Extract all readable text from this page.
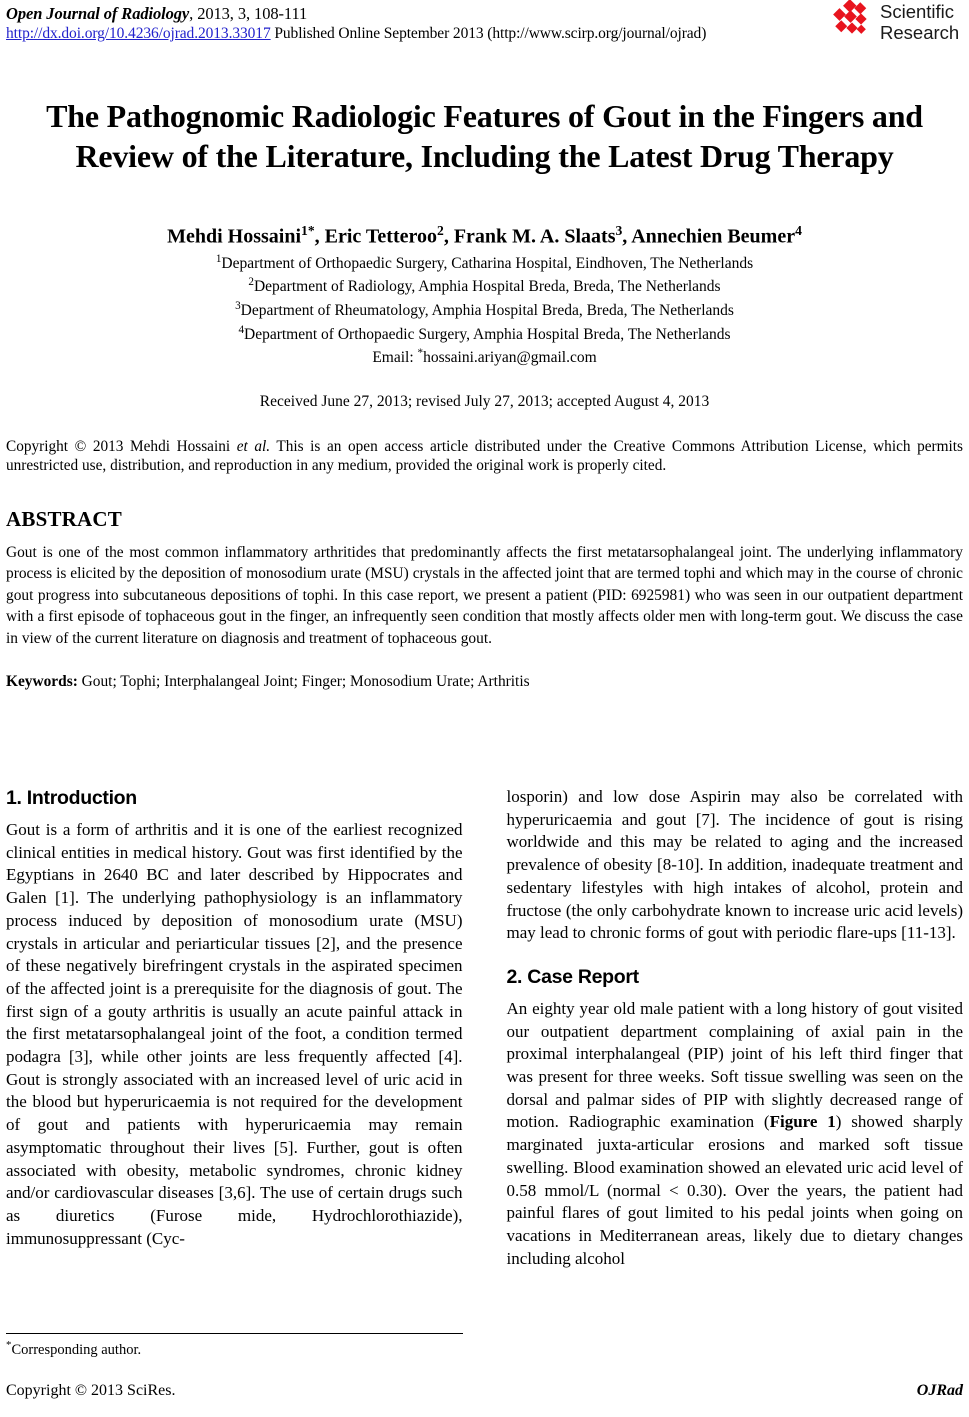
Open Journal of Radiology, 2013, 3, 108-111
http://dx.doi.org/10.4236/ojrad.2013.33017 Published Online September 2013 (http://www.scirp.org/journal/ojrad)
Scientific
Research
The Pathognomic Radiologic Features of Gout in the Fingers and Review of the Literature, Including the Latest Drug Therapy
Mehdi Hossaini$^{1*}$, Eric Tetteroo$^2$, Frank M. A. Slaats$^3$, Annechien Beumer$^4$
$^1$Department of Orthopaedic Surgery, Catharina Hospital, Eindhoven, The Netherlands
$^2$Department of Radiology, Amphia Hospital Breda, Breda, The Netherlands
$^3$Department of Rheumatology, Amphia Hospital Breda, Breda, The Netherlands
$^4$Department of Orthopaedic Surgery, Amphia Hospital Breda, The Netherlands
Email: *hossaini.ariyan@gmail.com
Received June 27, 2013; revised July 27, 2013; accepted August 4, 2013
Copyright © 2013 Mehdi Hossaini et al. This is an open access article distributed under the Creative Commons Attribution License, which permits unrestricted use, distribution, and reproduction in any medium, provided the original work is properly cited.
ABSTRACT
Gout is one of the most common inflammatory arthritides that predominantly affects the first metatarsophalangeal joint. The underlying inflammatory process is elicited by the deposition of monosodium urate (MSU) crystals in the affected joint that are termed tophi and which may in the course of chronic gout progress into subcutaneous depositions of tophi. In this case report, we present a patient (PID: 6925981) who was seen in our outpatient department with a first episode of tophaceous gout in the finger, an infrequently seen condition that mostly affects older men with long-term gout. We discuss the case in view of the current literature on diagnosis and treatment of tophaceous gout.
Keywords: Gout; Tophi; Interphalangeal Joint; Finger; Monosodium Urate; Arthritis
1. Introduction

Gout is a form of arthritis and it is one of the earliest recognized clinical entities in medical history. Gout was first identified by the Egyptians in 2640 BC and later described by Hippocrates and Galen [1]. The underlying pathophysiology is an inflammatory process induced by deposition of monosodium urate (MSU) crystals in articular and periarticular tissues [2], and the presence of these negatively birefringent crystals in the aspirated specimen of the affected joint is a prerequisite for the diagnosis of gout. The first sign of a gouty arthritis is usually an acute painful attack in the first metatarsophalangeal joint of the foot, a condition termed podagra [3], while other joints are less frequently affected [4]. Gout is strongly associated with an increased level of uric acid in the blood but hyperuricaemia is not required for the development of gout and patients with hyperuricaemia may remain asymptomatic throughout their lives [5]. Further, gout is often associated with obesity, metabolic syndromes, chronic kidney and/or cardiovascular diseases [3,6]. The use of certain drugs such as diuretics (Furose mide, Hydrochlorothiazide), immunosuppressant (Cyc-

*Corresponding author.

losporin) and low dose Aspirin may also be correlated with hyperuricaemia and gout [7]. The incidence of gout is rising worldwide and this may be related to aging and the increased prevalence of obesity [8-10]. In addition, inadequate treatment and sedentary lifestyles with high intakes of alcohol, protein and fructose (the only carbohydrate known to increase uric acid levels) may lead to chronic forms of gout with periodic flare-ups [11-13].

2. Case Report

An eighty year old male patient with a long history of gout visited our outpatient department complaining of axial pain in the proximal interphalangeal (PIP) joint of his left third finger that was present for three weeks. Soft tissue swelling was seen on the dorsal and palmar sides of PIP with slightly decreased range of motion. Radiographic examination (Figure 1) showed sharply marginated juxta-articular erosions and marked soft tissue swelling. Blood examination showed an elevated uric acid level of 0.58 mmol/L (normal < 0.30). Over the years, the patient had painful flares of gout limited to his pedal joints when going on vacations in Mediterranean areas, likely due to dietary changes including alcohol

Copyright © 2013 SciRes.	OJRad
